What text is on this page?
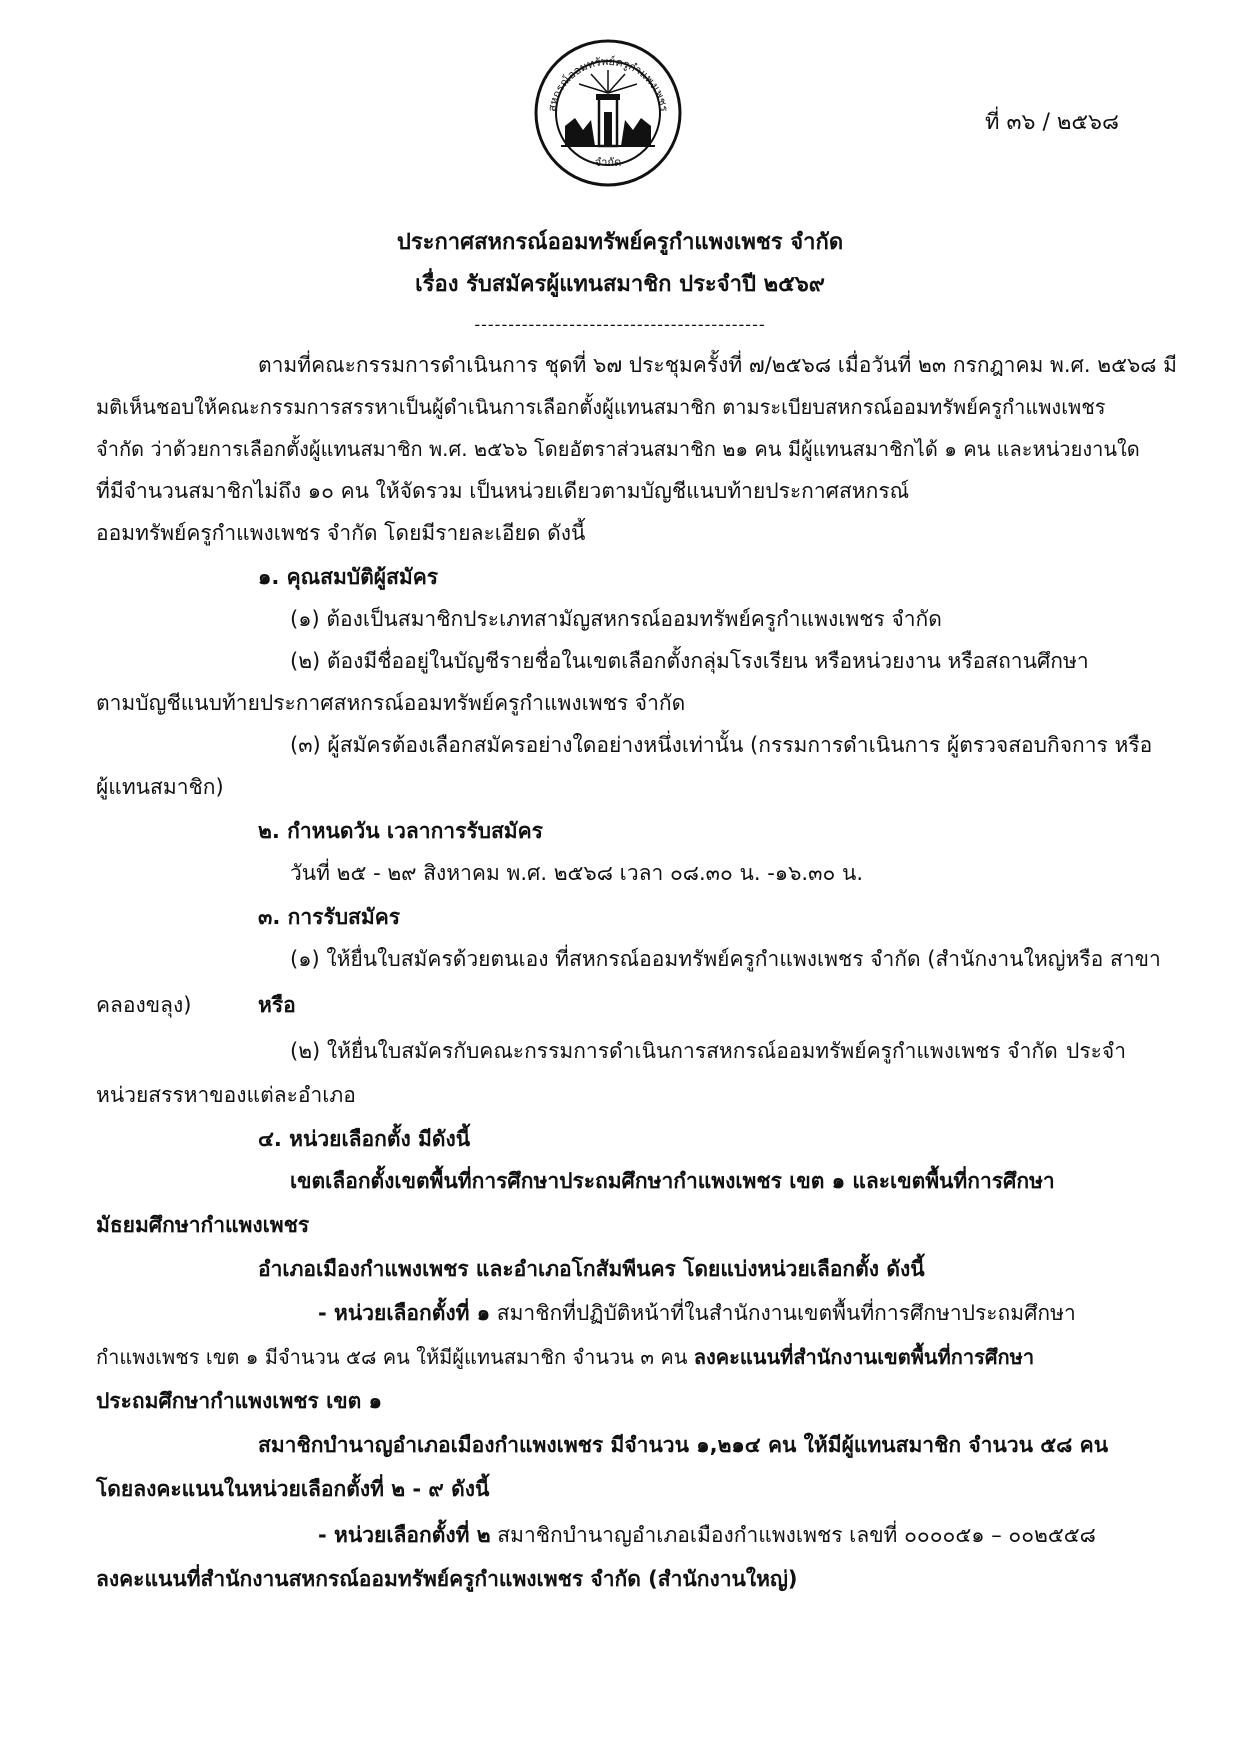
สหกรณ์ออมทรัพย์ครูกำแพงเพชร
จำกัด
ที่ ๓๖ / ๒๕๖๘
ประกาศสหกรณ์ออมทรัพย์ครูกำแพงเพชร จำกัด
เรื่อง รับสมัครผู้แทนสมาชิก ประจำปี ๒๕๖๙
-------------------------------------------
ตามที่คณะกรรมการดำเนินการ ชุดที่ ๖๗ ประชุมครั้งที่ ๗/๒๕๖๘ เมื่อวันที่ ๒๓ กรกฎาคม พ.ศ. ๒๕๖๘ มี
มติเห็นชอบให้คณะกรรมการสรรหาเป็นผู้ดำเนินการเลือกตั้งผู้แทนสมาชิก ตามระเบียบสหกรณ์ออมทรัพย์ครูกำแพงเพชร
จำกัด ว่าด้วยการเลือกตั้งผู้แทนสมาชิก พ.ศ. ๒๕๖๖ โดยอัตราส่วนสมาชิก ๒๑ คน มีผู้แทนสมาชิกได้ ๑ คน และหน่วยงานใด
ที่มีจำนวนสมาชิกไม่ถึง ๑๐ คน ให้จัดรวม เป็นหน่วยเดียวตามบัญชีแนบท้ายประกาศสหกรณ์
ออมทรัพย์ครูกำแพงเพชร จำกัด โดยมีรายละเอียด ดังนี้
๑. คุณสมบัติผู้สมัคร
(๑) ต้องเป็นสมาชิกประเภทสามัญสหกรณ์ออมทรัพย์ครูกำแพงเพชร จำกัด
(๒) ต้องมีชื่ออยู่ในบัญชีรายชื่อในเขตเลือกตั้งกลุ่มโรงเรียน หรือหน่วยงาน หรือสถานศึกษา
ตามบัญชีแนบท้ายประกาศสหกรณ์ออมทรัพย์ครูกำแพงเพชร จำกัด
(๓) ผู้สมัครต้องเลือกสมัครอย่างใดอย่างหนึ่งเท่านั้น (กรรมการดำเนินการ ผู้ตรวจสอบกิจการ หรือ
ผู้แทนสมาชิก)
๒. กำหนดวัน เวลาการรับสมัคร
วันที่ ๒๕ - ๒๙ สิงหาคม พ.ศ. ๒๕๖๘ เวลา ๐๘.๓๐ น. -๑๖.๓๐ น.
๓. การรับสมัคร
(๑) ให้ยื่นใบสมัครด้วยตนเอง ที่สหกรณ์ออมทรัพย์ครูกำแพงเพชร จำกัด (สำนักงานใหญ่หรือ สาขา
คลองขลุง)	หรือ
(๒) ให้ยื่นใบสมัครกับคณะกรรมการดำเนินการสหกรณ์ออมทรัพย์ครูกำแพงเพชร จำกัด ประจำ
หน่วยสรรหาของแต่ละอำเภอ
๔. หน่วยเลือกตั้ง มีดังนี้
เขตเลือกตั้งเขตพื้นที่การศึกษาประถมศึกษากำแพงเพชร เขต ๑ และเขตพื้นที่การศึกษา
มัธยมศึกษากำแพงเพชร
อำเภอเมืองกำแพงเพชร และอำเภอโกสัมพีนคร โดยแบ่งหน่วยเลือกตั้ง ดังนี้
- หน่วยเลือกตั้งที่ ๑ สมาชิกที่ปฏิบัติหน้าที่ในสำนักงานเขตพื้นที่การศึกษาประถมศึกษา
กำแพงเพชร เขต ๑ มีจำนวน ๕๘ คน ให้มีผู้แทนสมาชิก จำนวน ๓ คน ลงคะแนนที่สำนักงานเขตพื้นที่การศึกษา
ประถมศึกษากำแพงเพชร เขต ๑
สมาชิกบำนาญอำเภอเมืองกำแพงเพชร มีจำนวน ๑,๒๑๔ คน ให้มีผู้แทนสมาชิก จำนวน ๕๘ คน
โดยลงคะแนนในหน่วยเลือกตั้งที่ ๒ - ๙ ดังนี้
- หน่วยเลือกตั้งที่ ๒ สมาชิกบำนาญอำเภอเมืองกำแพงเพชร เลขที่ ๐๐๐๐๕๑ – ๐๐๒๕๕๘
ลงคะแนนที่สำนักงานสหกรณ์ออมทรัพย์ครูกำแพงเพชร จำกัด (สำนักงานใหญ่)
